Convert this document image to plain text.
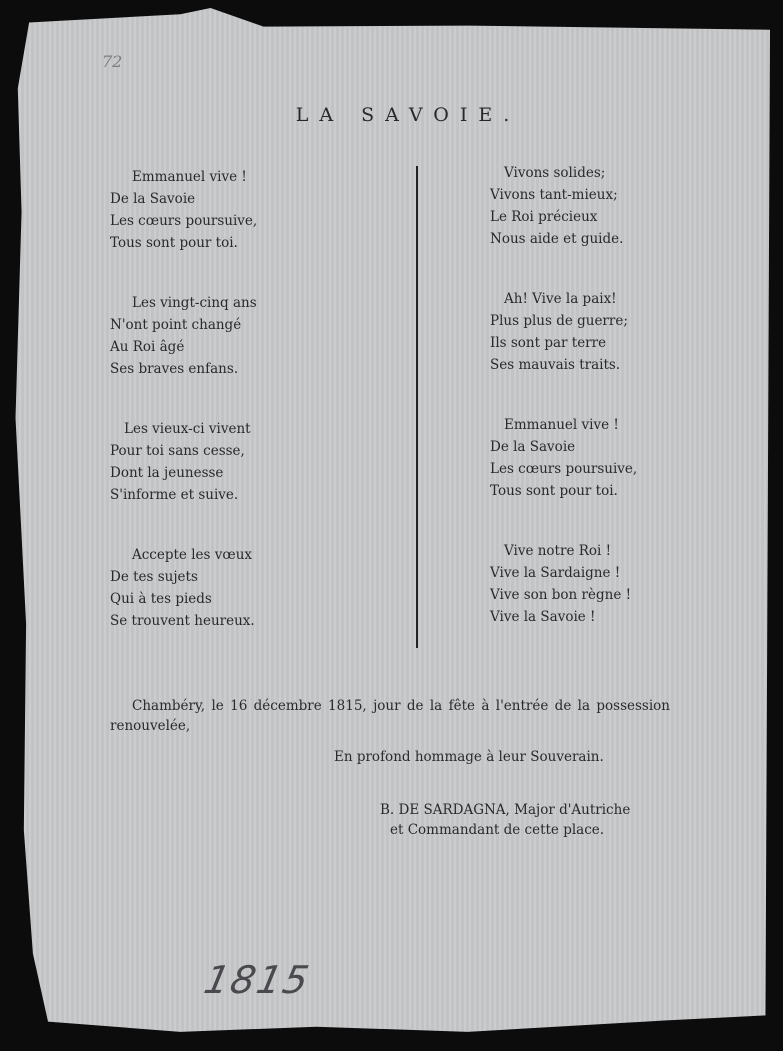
72
LA SAVOIE.
Emmanuel vive !
De la Savoie
Les cœurs poursuive,
Tous sont pour toi.
Les vingt-cinq ans
N'ont point changé
Au Roi âgé
Ses braves enfans.
Les vieux-ci vivent
Pour toi sans cesse,
Dont la jeunesse
S'informe et suive.
Accepte les vœux
De tes sujets
Qui à tes pieds
Se trouvent heureux.
Vivons solides;
Vivons tant-mieux;
Le Roi précieux
Nous aide et guide.
Ah! Vive la paix!
Plus plus de guerre;
Ils sont par terre
Ses mauvais traits.
Emmanuel vive !
De la Savoie
Les cœurs poursuive,
Tous sont pour toi.
Vive notre Roi !
Vive la Sardaigne !
Vive son bon règne !
Vive la Savoie !
Chambéry, le 16 décembre 1815, jour de la fête à l'entrée de la possession renouvelée,
En profond hommage à leur Souverain.
B. DE SARDAGNA, Major d'Autriche
et Commandant de cette place.
1815
